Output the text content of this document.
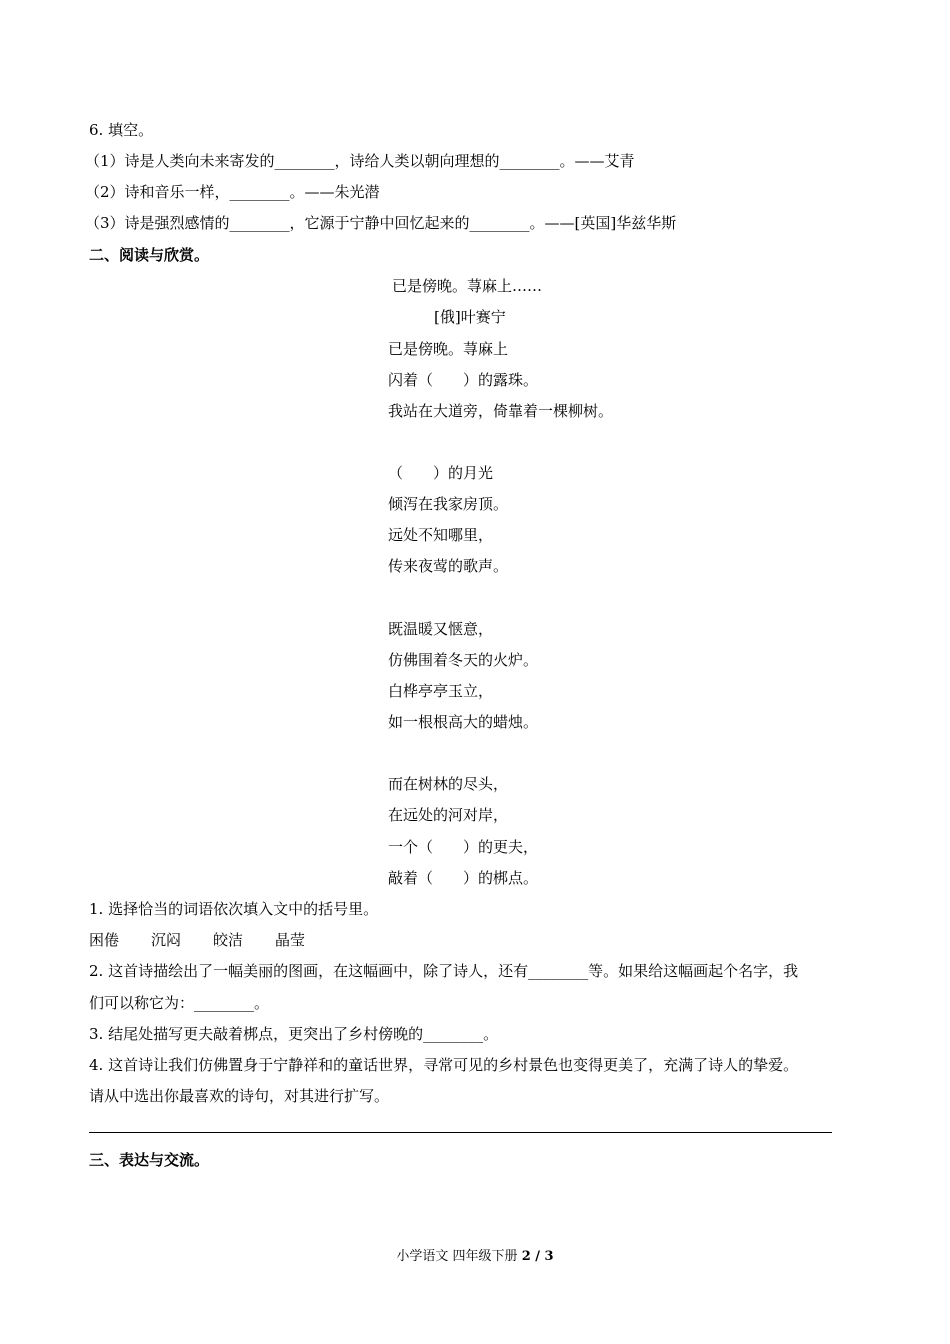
6. 填空。
（1）诗是人类向未来寄发的________，诗给人类以朝向理想的________。——艾青
（2）诗和音乐一样，________。——朱光潜
（3）诗是强烈感情的________，它源于宁静中回忆起来的________。——[英国]华兹华斯
二、阅读与欣赏。
已是傍晚。荨麻上……
[俄]叶赛宁
已是傍晚。荨麻上
闪着（　　）的露珠。
我站在大道旁，倚靠着一棵柳树。
（　　）的月光
倾泻在我家房顶。
远处不知哪里，
传来夜莺的歌声。
既温暖又惬意，
仿佛围着冬天的火炉。
白桦亭亭玉立，
如一根根高大的蜡烛。
而在树林的尽头，
在远处的河对岸，
一个（　　）的更夫，
敲着（　　）的梆点。
1. 选择恰当的词语依次填入文中的括号里。
困倦 沉闷 皎洁 晶莹
2. 这首诗描绘出了一幅美丽的图画，在这幅画中，除了诗人，还有________等。如果给这幅画起个名字，我
们可以称它为：________。
3. 结尾处描写更夫敲着梆点，更突出了乡村傍晚的________。
4. 这首诗让我们仿佛置身于宁静祥和的童话世界，寻常可见的乡村景色也变得更美了，充满了诗人的挚爱。
请从中选出你最喜欢的诗句，对其进行扩写。
三、表达与交流。
小学语文 四年级下册 2 / 3
